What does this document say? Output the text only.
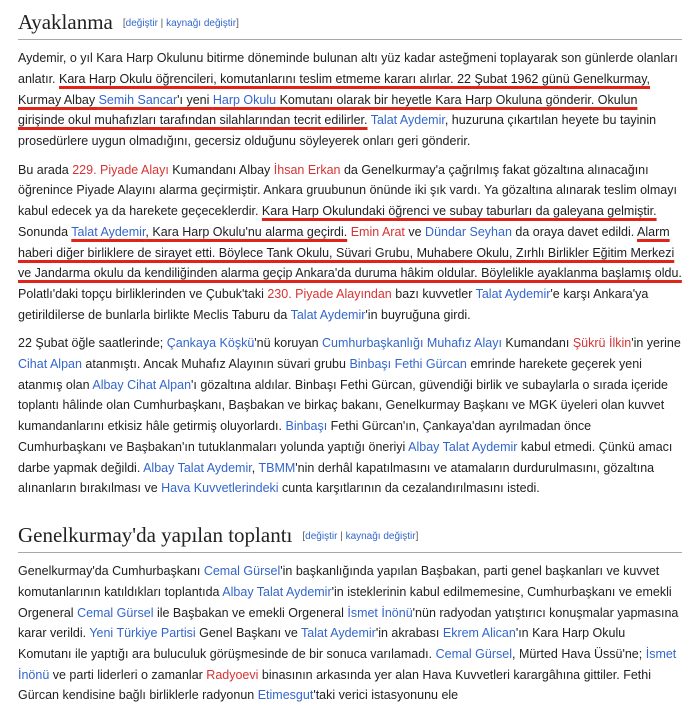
Ayaklanma [değiştir | kaynağı değiştir]

Aydemir, o yıl Kara Harp Okulunu bitirme döneminde bulunan altı yüz kadar asteğmeni toplayarak son günlerde olanları anlatır. Kara Harp Okulu öğrencileri, komutanlarını teslim etmeme kararı alırlar. 22 Şubat 1962 günü Genelkurmay, Kurmay Albay Semih Sancar'ı yeni Harp Okulu Komutanı olarak bir heyetle Kara Harp Okuluna gönderir. Okulun girişinde okul muhafızları tarafından silahlarından tecrit edilirler. Talat Aydemir, huzuruna çıkartılan heyete bu tayinin prosedürlere uygun olmadığını, gecersiz olduğunu söyleyerek onları geri gönderir.

Bu arada 229. Piyade Alayı Kumandanı Albay İhsan Erkan da Genelkurmay'a çağrılmış fakat gözaltına alınacağını öğrenince Piyade Alayını alarma geçirmiştir. Ankara gruubunun önünde iki şık vardı. Ya gözaltına alınarak teslim olmayı kabul edecek ya da harekete geçeceklerdir. Kara Harp Okulundaki öğrenci ve subay taburları da galeyana gelmiştir. Sonunda Talat Aydemir, Kara Harp Okulu'nu alarma geçirdi. Emin Arat ve Dündar Seyhan da oraya davet edildi. Alarm haberi diğer birliklere de sirayet etti. Böylece Tank Okulu, Süvari Grubu, Muhabere Okulu, Zırhlı Birlikler Eğitim Merkezi ve Jandarma okulu da kendiliğinden alarma geçip Ankara'da duruma hâkim oldular. Böylelikle ayaklanma başlamış oldu. Polatlı'daki topçu birliklerinden ve Çubuk'taki 230. Piyade Alayından bazı kuvvetler Talat Aydemir'e karşı Ankara'ya getirildilerse de bunlarla birlikte Meclis Taburu da Talat Aydemir'in buyruğuna girdi.

22 Şubat öğle saatlerinde; Çankaya Köşkü'nü koruyan Cumhurbaşkanlığı Muhafız Alayı Kumandanı Şükrü İlkin'in yerine Cihat Alpan atanmıştı. Ancak Muhafız Alayının süvari grubu Binbaşı Fethi Gürcan emrinde harekete geçerek yeni atanmış olan Albay Cihat Alpan'ı gözaltına aldılar. Binbaşı Fethi Gürcan, güvendiği birlik ve subaylarla o sırada içeride toplantı hâlinde olan Cumhurbaşkanı, Başbakan ve birkaç bakanı, Genelkurmay Başkanı ve MGK üyeleri olan kuvvet kumandanlarını etkisiz hâle getirmiş oluyorlardı. Binbaşı Fethi Gürcan'ın, Çankaya'dan ayrılmadan önce Cumhurbaşkanı ve Başbakan'ın tutuklanmaları yolunda yaptığı öneriyi Albay Talat Aydemir kabul etmedi. Çünkü amacı darbe yapmak değildi. Albay Talat Aydemir, TBMM'nin derhâl kapatılmasını ve atamaların durdurulmasını, gözaltına alınanların bırakılması ve Hava Kuvvetlerindeki cunta karşıtlarının da cezalandırılmasını istedi.

Genelkurmay'da yapılan toplantı [değiştir | kaynağı değiştir]

Genelkurmay'da Cumhurbaşkanı Cemal Gürsel'in başkanlığında yapılan Başbakan, parti genel başkanları ve kuvvet komutanlarının katıldıkları toplantıda Albay Talat Aydemir'in isteklerinin kabul edilmemesine, Cumhurbaşkanı ve emekli Orgeneral Cemal Gürsel ile Başbakan ve emekli Orgeneral İsmet İnönü'nün radyodan yatıştırıcı konuşmalar yapmasına karar verildi. Yeni Türkiye Partisi Genel Başkanı ve Talat Aydemir'in akrabası Ekrem Alican'ın Kara Harp Okulu Komutanı ile yaptığı ara buluculuk görüşmesinde de bir sonuca varılamadı. Cemal Gürsel, Mürted Hava Üssü'ne; İsmet İnönü ve parti liderleri o zamanlar Radyoevi binasının arkasında yer alan Hava Kuvvetleri karargâhına gittiler. Fethi Gürcan kendisine bağlı birliklerle radyonun Etimesgut'taki verici istasyonunu ele
